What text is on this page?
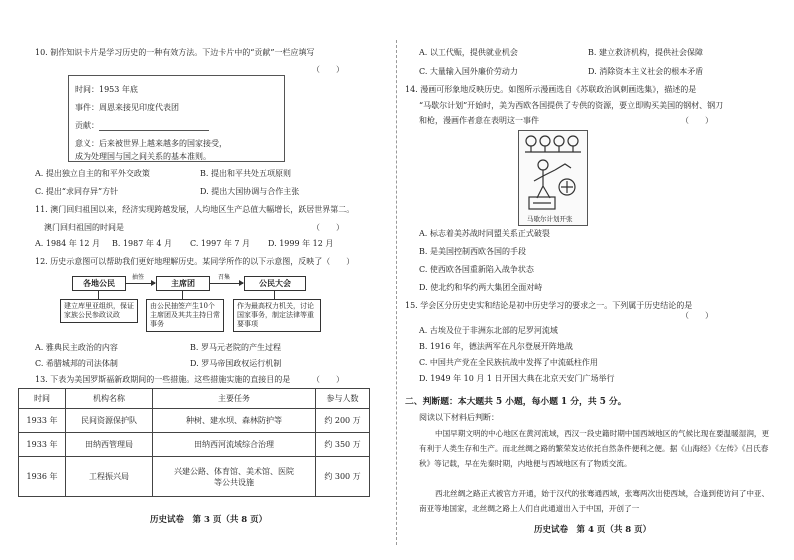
10. 制作知识卡片是学习历史的一种有效方法。下边卡片中的“贡献”一栏应填写
（　　）
时间：1953 年底
事件：周恩来接见印度代表团
贡献：
意义：后来被世界上越来越多的国家接受，
成为处理国与国之间关系的基本准则。
A. 提出独立自主的和平外交政策	B. 提出和平共处五项原则
C. 提出“求同存异”方针	D. 提出大国协调与合作主张
11. 澳门回归祖国以来，经济实现跨越发展，人均地区生产总值大幅增长，跃居世界第二。
澳门回归祖国的时间是	（　　）
A. 1984 年 12 月 B. 1987 年 4 月 C. 1997 年 7 月 D. 1999 年 12 月
12. 历史示意图可以帮助我们更好地理解历史。某同学所作的以下示意图，反映了（　　）
各地公民	主席团	公民大会
抽签	召集
建立库里亚组织，保证家族公民参政议政
由公民抽签产生10个主席团及其共主持日常事务
作为最高权力机关，讨论国家事务，制定法律等重要事项
A. 雅典民主政治的内容	B. 罗马元老院的产生过程
C. 希腊城邦的司法体制	D. 罗马帝国政权运行机制
13. 下表为美国罗斯福新政期间的一些措施。这些措施实施的直接目的是	（　　）
时间	机构名称	主要任务	参与人数
1933 年	民间资源保护队	种树、建水坝、森林防护等	约 200 万
1933 年	田纳西管理局	田纳西河流域综合治理	约 350 万
1936 年	工程振兴局	兴建公路、体育馆、美术馆、医院等公共设施	约 300 万
历史试卷　第 3 页（共 8 页）
A. 以工代赈，提供就业机会	B. 建立救济机构，提供社会保障
C. 大量输入国外廉价劳动力	D. 消除资本主义社会的根本矛盾
14. 漫画可形象地反映历史。如图所示漫画选自《苏联政治讽刺画选集》，描述的是
“马歇尔计划”开始时，美为西欧各国提供了专供的资源，要立即购买美国的钢材、钢刀
和枪，漫画作者意在表明这一事件	（　　）
A. 标志着美苏战时同盟关系正式破裂
B. 是美国控制西欧各国的手段
C. 使西欧各国重新陷入战争状态
D. 使北约和华约两大集团全面对峙
15. 学会区分历史史实和结论是初中历史学习的要求之一。下列属于历史结论的是
（　　）
A. 古埃及位于非洲东北部的尼罗河流域
B. 1916 年，德法两军在凡尔登展开阵地战
C. 中国共产党在全民族抗战中发挥了中流砥柱作用
D. 1949 年 10 月 1 日开国大典在北京天安门广场举行
二、判断题：本大题共 5 小题，每小题 1 分，共 5 分。
阅读以下材料后判断：
中国早期文明的中心地区在黄河流域，西汉一段史籍时期中国西域地区的气候比现在要温暖湿润，更有利于人类生存和生产。而北丝绸之路的繁荣发达依托自然条件便利之便。据《山海经》《左传》《吕氏春秋》等记载，早在先秦时期，内地便与西域地区有了物质交流。
西北丝绸之路正式被官方开通，始于汉代的张骞通西域，张骞两次出使西域，合逢到使访问了中亚、南亚等地国家，北丝绸之路上人们自此通道出入于中国，开创了一
历史试卷　第 4 页（共 8 页）
马歇尔计划开张
